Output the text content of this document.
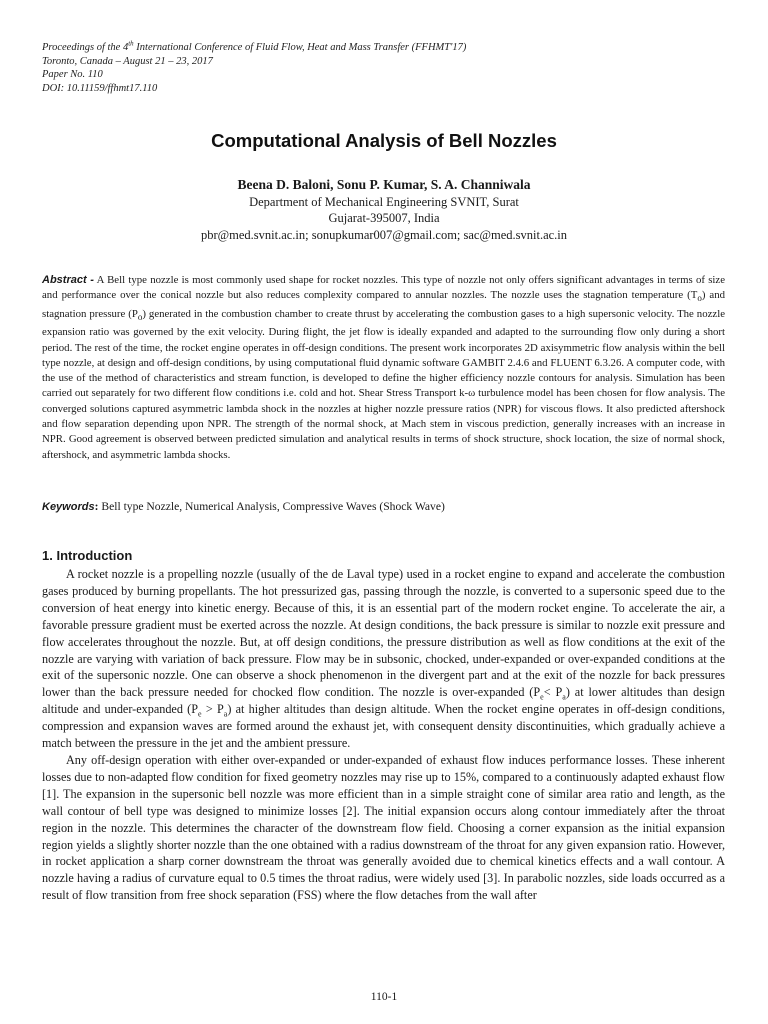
Proceedings of the 4th International Conference of Fluid Flow, Heat and Mass Transfer (FFHMT'17)
Toronto, Canada – August 21 – 23, 2017
Paper No. 110
DOI: 10.11159/ffhmt17.110
Computational Analysis of Bell Nozzles
Beena D. Baloni, Sonu P. Kumar, S. A. Channiwala
Department of Mechanical Engineering SVNIT, Surat
Gujarat-395007, India
pbr@med.svnit.ac.in; sonupkumar007@gmail.com; sac@med.svnit.ac.in
Abstract - A Bell type nozzle is most commonly used shape for rocket nozzles. This type of nozzle not only offers significant advantages in terms of size and performance over the conical nozzle but also reduces complexity compared to annular nozzles. The nozzle uses the stagnation temperature $(T_o)$ and stagnation pressure $(P_o)$ generated in the combustion chamber to create thrust by accelerating the combustion gases to a high supersonic velocity. The nozzle expansion ratio was governed by the exit velocity. During flight, the jet flow is ideally expanded and adapted to the surrounding flow only during a short period. The rest of the time, the rocket engine operates in off-design conditions. The present work incorporates 2D axisymmetric flow analysis within the bell type nozzle, at design and off-design conditions, by using computational fluid dynamic software GAMBIT 2.4.6 and FLUENT 6.3.26. A computer code, with the use of the method of characteristics and stream function, is developed to define the higher efficiency nozzle contours for analysis. Simulation has been carried out separately for two different flow conditions i.e. cold and hot. Shear Stress Transport k-ω turbulence model has been chosen for flow analysis. The converged solutions captured asymmetric lambda shock in the nozzles at higher nozzle pressure ratios (NPR) for viscous flows. It also predicted aftershock and flow separation depending upon NPR. The strength of the normal shock, at Mach stem in viscous prediction, generally increases with an increase in NPR. Good agreement is observed between predicted simulation and analytical results in terms of shock structure, shock location, the size of normal shock, aftershock, and asymmetric lambda shocks.
Keywords: Bell type Nozzle, Numerical Analysis, Compressive Waves (Shock Wave)
1. Introduction

A rocket nozzle is a propelling nozzle (usually of the de Laval type) used in a rocket engine to expand and accelerate the combustion gases produced by burning propellants. The hot pressurized gas, passing through the nozzle, is converted to a supersonic speed due to the conversion of heat energy into kinetic energy. Because of this, it is an essential part of the modern rocket engine. To accelerate the air, a favorable pressure gradient must be exerted across the nozzle. At design conditions, the back pressure is similar to nozzle exit pressure and flow accelerates throughout the nozzle. But, at off design conditions, the pressure distribution as well as flow conditions at the exit of the nozzle are varying with variation of back pressure. Flow may be in subsonic, chocked, under-expanded or over-expanded conditions at the exit of the supersonic nozzle. One can observe a shock phenomenon in the divergent part and at the exit of the nozzle for back pressures lower than the back pressure needed for chocked flow condition. The nozzle is over-expanded $(P_e< P_a)$ at lower altitudes than design altitude and under-expanded $(P_e > P_a)$ at higher altitudes than design altitude. When the rocket engine operates in off-design conditions, compression and expansion waves are formed around the exhaust jet, with consequent density discontinuities, which gradually achieve a match between the pressure in the jet and the ambient pressure.

Any off-design operation with either over-expanded or under-expanded of exhaust flow induces performance losses. These inherent losses due to non-adapted flow condition for fixed geometry nozzles may rise up to 15%, compared to a continuously adapted exhaust flow [1]. The expansion in the supersonic bell nozzle was more efficient than in a simple straight cone of similar area ratio and length, as the wall contour of bell type was designed to minimize losses [2]. The initial expansion occurs along contour immediately after the throat region in the nozzle. This determines the character of the downstream flow field. Choosing a corner expansion as the initial expansion region yields a slightly shorter nozzle than the one obtained with a radius downstream of the throat for any given expansion ratio. However, in rocket application a sharp corner downstream the throat was generally avoided due to chemical kinetics effects and a wall contour. A nozzle having a radius of curvature equal to 0.5 times the throat radius, were widely used [3]. In parabolic nozzles, side loads occurred as a result of flow transition from free shock separation (FSS) where the flow detaches from the wall after

110-1
